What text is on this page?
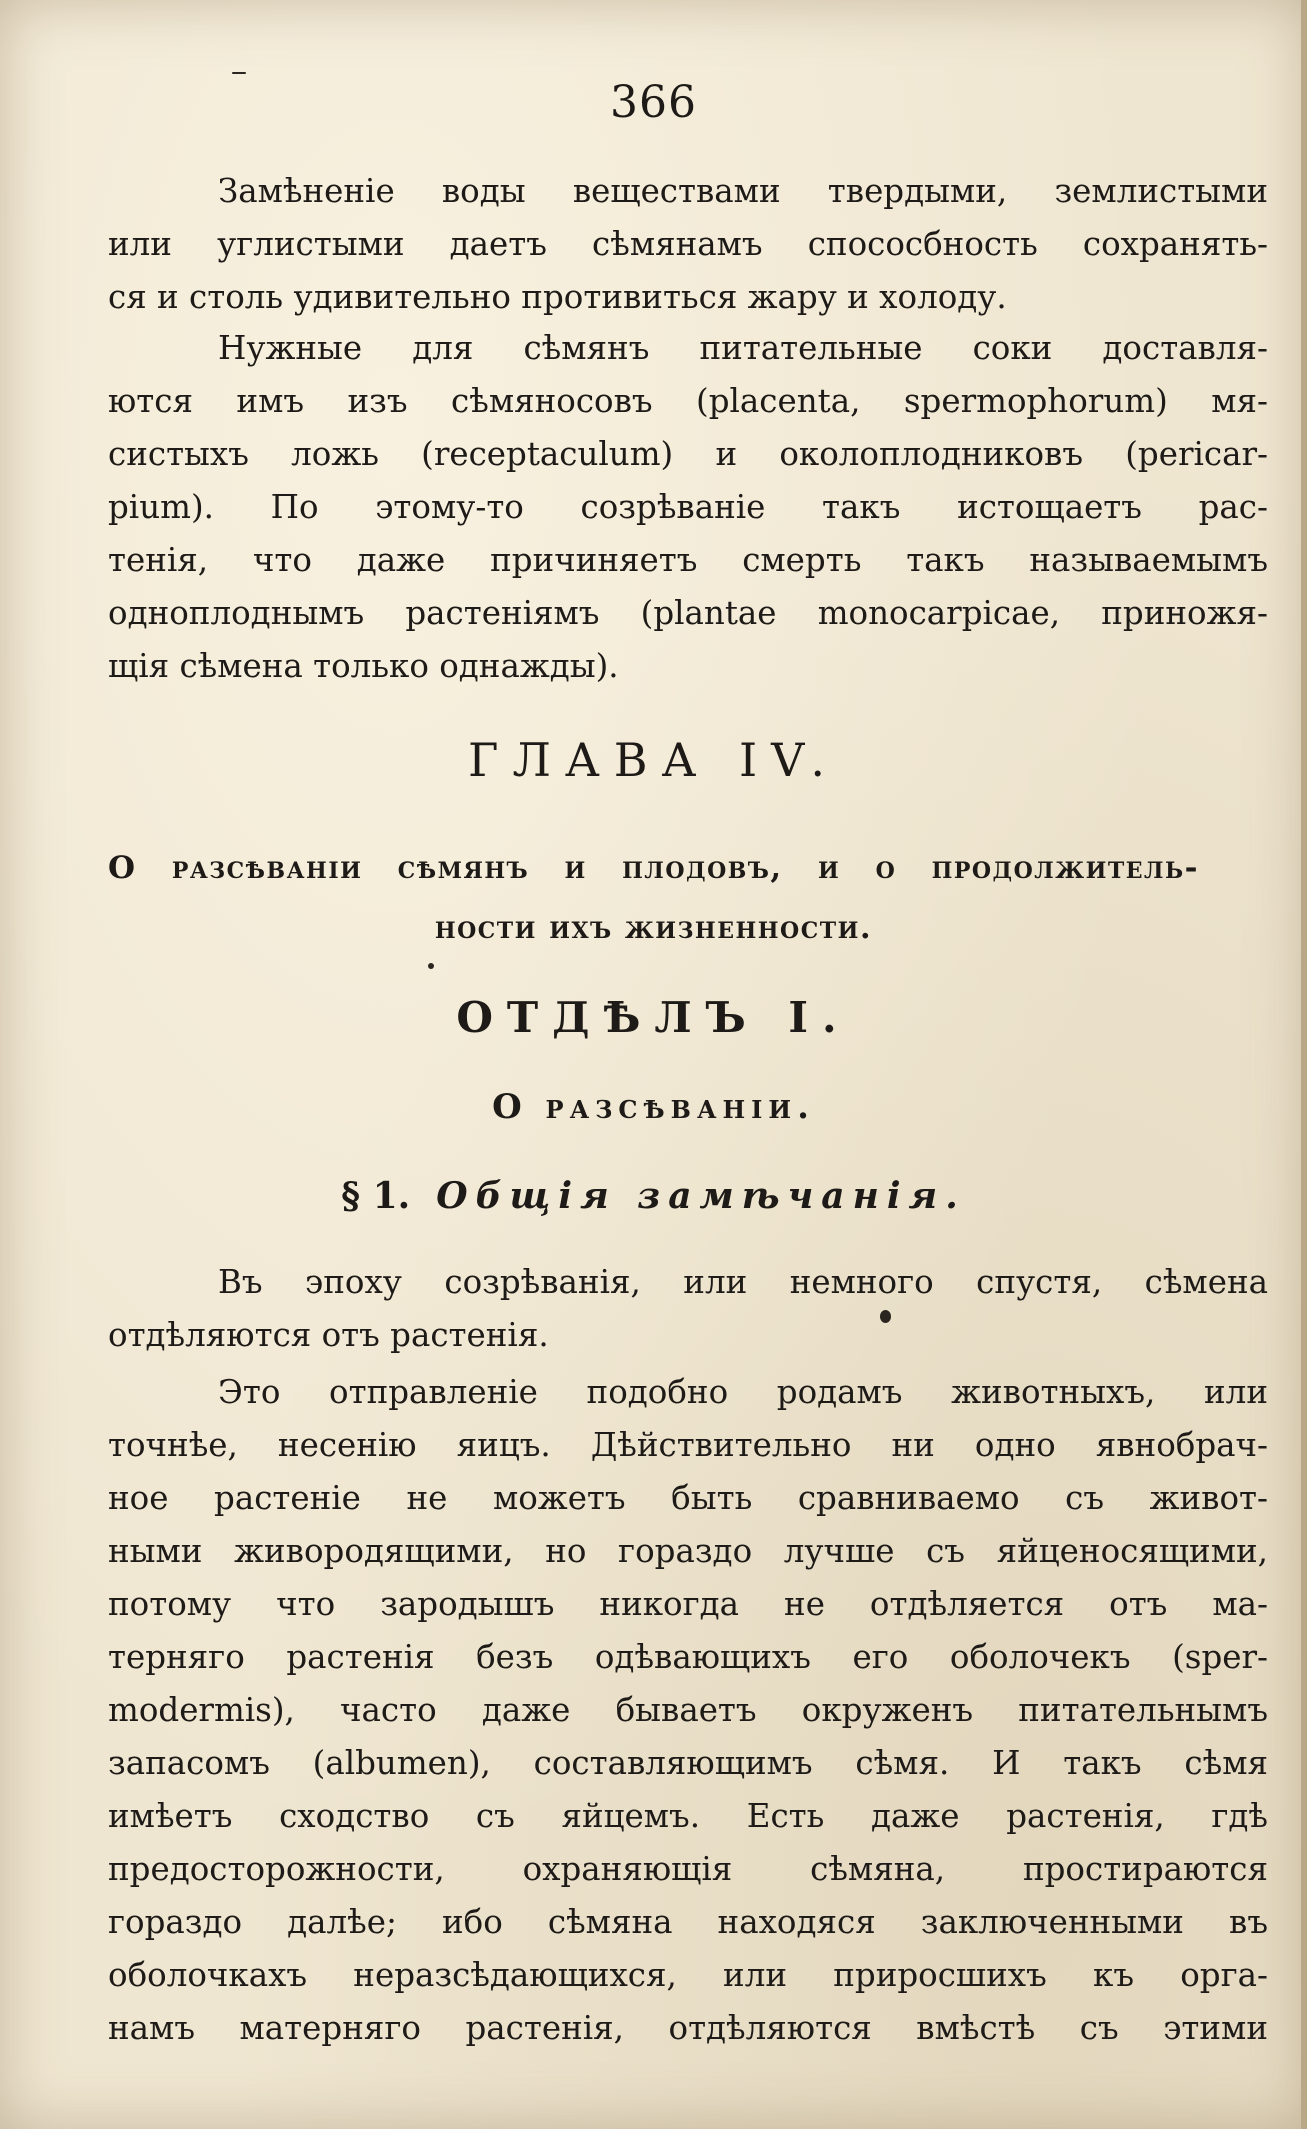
366
Замѣненіе воды веществами твердыми, землистыми
или углистыми даетъ сѣмянамъ спососбность сохранять-
ся и столь удивительно противиться жару и холоду.
Нужные для сѣмянъ питательные соки доставля-
ются имъ изъ сѣмяносовъ (placenta, spermophorum) мя-
систыхъ ложь (receptaculum) и околоплодниковъ (pericar-
pium). По этому-то созрѣваніе такъ истощаетъ рас-
тенія, что даже причиняетъ смерть такъ называемымъ
однoплоднымъ растеніямъ (plantae monocarpicae, приножя-
щія сѣмена только однажды).
ГЛАВА IV.
О разсѣваніи сѣмянъ и плодовъ, и о продолжитель-
ности ихъ жизненности.
ОТДѢЛЪ I.
О разсѣваніи.
§ 1. Общія замѣчанія.
Въ эпоху созрѣванія, или немного спустя, сѣмена
отдѣляются отъ растенія.
Это отправленіе подобно родамъ животныхъ, или
точнѣе, несенію яицъ. Дѣйствительно ни одно явнобрач-
ное растеніе не можетъ быть сравниваемо съ живот-
ными живородящими, но гораздо лучше съ яйценосящими,
потому что зародышъ никогда не отдѣляется отъ ма-
терняго растенія безъ одѣвающихъ его оболочекъ (sper-
modermis), часто даже бываетъ окруженъ питательнымъ
запасомъ (albumen), составляющимъ сѣмя. И такъ сѣмя
имѣетъ сходство съ яйцемъ. Есть даже растенія, гдѣ
предосторожности, охраняющія сѣмяна, простираются
гораздо далѣе; ибо сѣмяна находяся заключенными въ
оболочкахъ неразсѣдающихся, или приросшихъ къ орга-
намъ матерняго растенія, отдѣляются вмѣстѣ съ этими
